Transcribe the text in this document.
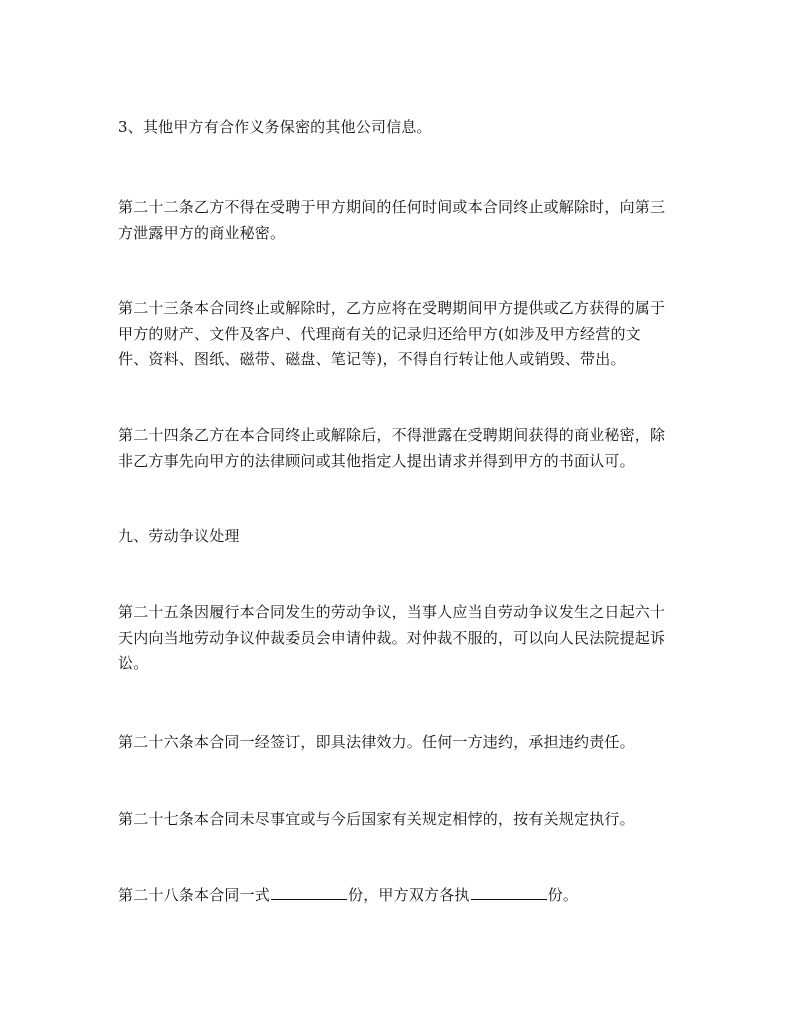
3、其他甲方有合作义务保密的其他公司信息。

第二十二条乙方不得在受聘于甲方期间的任何时间或本合同终止或解除时，向第三方泄露甲方的商业秘密。

第二十三条本合同终止或解除时，乙方应将在受聘期间甲方提供或乙方获得的属于甲方的财产、文件及客户、代理商有关的记录归还给甲方(如涉及甲方经营的文件、资料、图纸、磁带、磁盘、笔记等)，不得自行转让他人或销毁、带出。

第二十四条乙方在本合同终止或解除后，不得泄露在受聘期间获得的商业秘密，除非乙方事先向甲方的法律顾问或其他指定人提出请求并得到甲方的书面认可。

九、劳动争议处理

第二十五条因履行本合同发生的劳动争议，当事人应当自劳动争议发生之日起六十天内向当地劳动争议仲裁委员会申请仲裁。对仲裁不服的，可以向人民法院提起诉讼。

第二十六条本合同一经签订，即具法律效力。任何一方违约，承担违约责任。

第二十七条本合同未尽事宜或与今后国家有关规定相悖的，按有关规定执行。

第二十八条本合同一式	份，甲方双方各执	份。
